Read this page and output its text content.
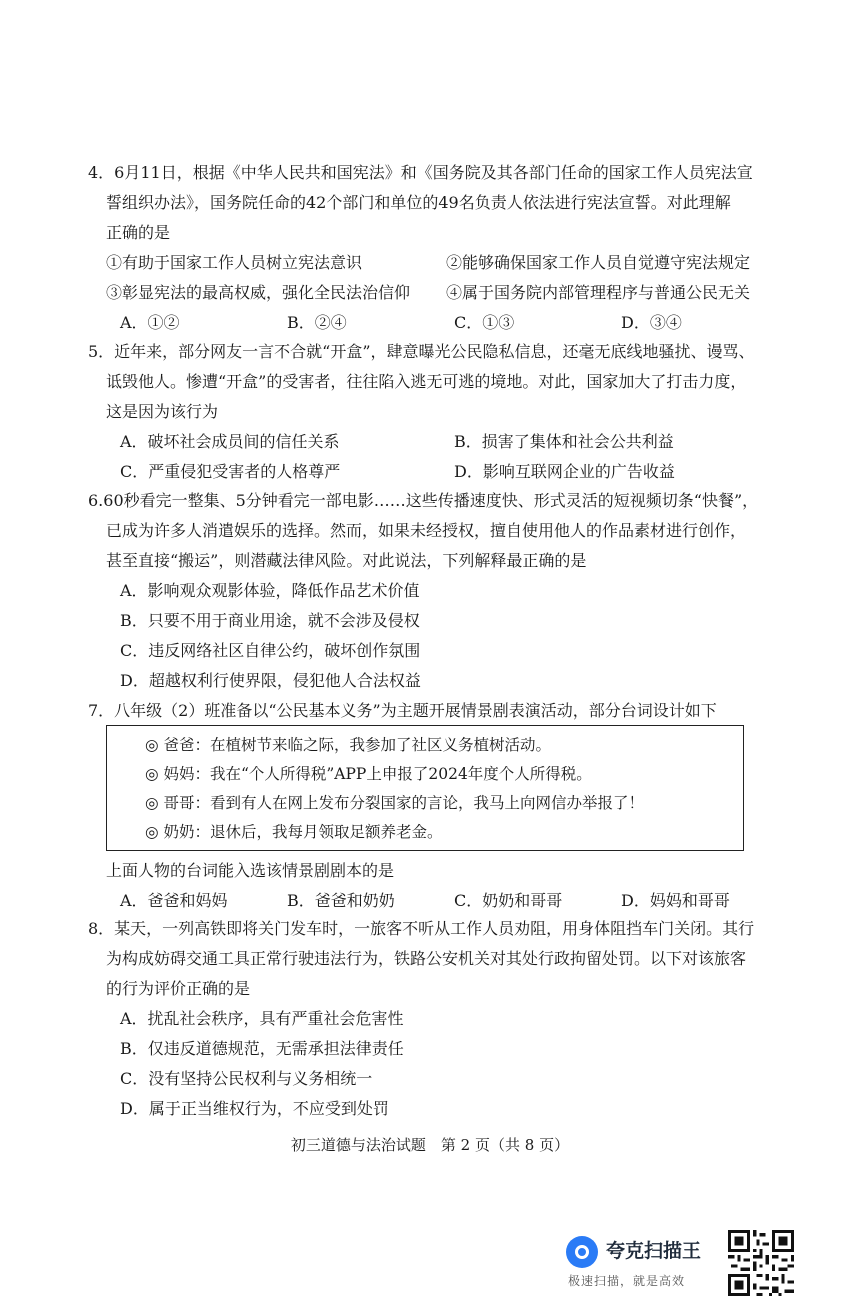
4．6月11日，根据《中华人民共和国宪法》和《国务院及其各部门任命的国家工作人员宪法宣
誓组织办法》，国务院任命的42个部门和单位的49名负责人依法进行宪法宣誓。对此理解
正确的是
①有助于国家工作人员树立宪法意识	②能够确保国家工作人员自觉遵守宪法规定
③彰显宪法的最高权威，强化全民法治信仰	④属于国务院内部管理程序与普通公民无关
A．①②	B．②④	C．①③	D．③④
5．近年来，部分网友一言不合就“开盒”，肆意曝光公民隐私信息，还毫无底线地骚扰、谩骂、
诋毁他人。惨遭“开盒”的受害者，往往陷入逃无可逃的境地。对此，国家加大了打击力度，
这是因为该行为
A．破坏社会成员间的信任关系	B．损害了集体和社会公共利益
C．严重侵犯受害者的人格尊严	D．影响互联网企业的广告收益
6.60秒看完一整集、5分钟看完一部电影……这些传播速度快、形式灵活的短视频切条“快餐”，
已成为许多人消遣娱乐的选择。然而，如果未经授权，擅自使用他人的作品素材进行创作，
甚至直接“搬运”，则潜藏法律风险。对此说法，下列解释最正确的是
A．影响观众观影体验，降低作品艺术价值
B．只要不用于商业用途，就不会涉及侵权
C．违反网络社区自律公约，破坏创作氛围
D．超越权利行使界限，侵犯他人合法权益
7．八年级（2）班准备以“公民基本义务”为主题开展情景剧表演活动，部分台词设计如下
◎ 爸爸：在植树节来临之际，我参加了社区义务植树活动。
◎ 妈妈：我在“个人所得税”APP上申报了2024年度个人所得税。
◎ 哥哥：看到有人在网上发布分裂国家的言论，我马上向网信办举报了！
◎ 奶奶：退休后，我每月领取足额养老金。
上面人物的台词能入选该情景剧剧本的是
A．爸爸和妈妈	B．爸爸和奶奶	C．奶奶和哥哥	D．妈妈和哥哥
8．某天，一列高铁即将关门发车时，一旅客不听从工作人员劝阻，用身体阻挡车门关闭。其行
为构成妨碍交通工具正常行驶违法行为，铁路公安机关对其处行政拘留处罚。以下对该旅客
的行为评价正确的是
A．扰乱社会秩序，具有严重社会危害性
B．仅违反道德规范，无需承担法律责任
C．没有坚持公民权利与义务相统一
D．属于正当维权行为，不应受到处罚
初三道德与法治试题　第 2 页（共 8 页）
夸克扫描王
极速扫描，就是高效
